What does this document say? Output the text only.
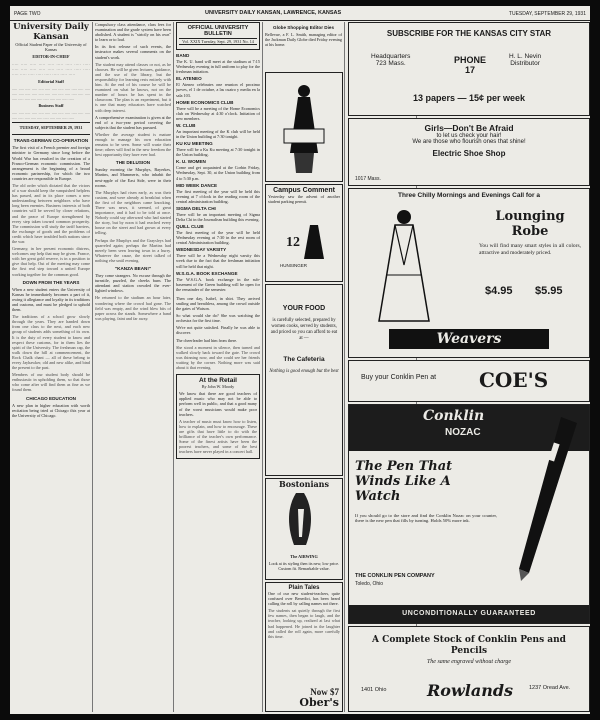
PAGE TWO	UNIVERSITY DAILY KANSAN, LAWRENCE, KANSAS	TUESDAY, SEPTEMBER 29, 1931
University Daily Kansan
Official Student Paper of the University of Kansas
EDITOR-IN-CHIEF
..... ..... ..... ..... ..... ..... ..... ..... ..... ..... ..... ..... ..... ..... ..... ..... ..... ..... ..... ..... ..... ..... ..... ..... ..... .....
Editorial Staff
..... ..... ..... ..... ..... ..... ..... ..... ..... ..... ..... ..... ..... ..... ..... ..... ..... ..... ..... ..... ..... ..... ..... ..... ..... ..... ..... ..... ..... ..... ..... ..... ..... .....
Business Staff
..... ..... ..... ..... ..... ..... ..... ..... ..... ..... ..... ..... ..... ..... ..... ..... ..... ..... ..... ..... ..... .....
TUESDAY, SEPTEMBER 29, 1931
TRANS-GERMAN CO-OPERATION

The first visit of a French premier and foreign minister to Germany since long before the World War has resulted in the creation of a Franco-German economic commission. The arrangement is the beginning of a broad economic partnership, for which the two countries are responsible in Europe.

The old order which dictated that the victors of a war should keep the vanquished helpless has passed, and in its place comes a new understanding between neighbors who have long been enemies. Business interests of both countries will be served by closer relations, and the peace of Europe strengthened by every step taken toward common prosperity. The commission will study the tariff barriers, the exchange of goods and the problems of credit which have troubled both nations since the war.

Germany, in her present economic distress, welcomes any help that may be given. France, with her great gold reserve, is in a position to give that help. Out of the meeting may come the first real step toward a united Europe working together for the common good.

DOWN FROM THE YEARS

When a new student enters the University of Kansas he immediately becomes a part of it, owing it allegiance and loyalty in its traditions and customs, and must be pledged to uphold them.

The traditions of a school grow slowly through the years. They are handed down from one class to the next, and each new group of students adds something of its own. It is the duty of every student to know and respect these customs, for in them lies the spirit of the University. The freshman cap, the walk down the hill at commencement, the Rock Chalk chant — all of these belong to every Jayhawker, old and new alike, and bind the present to the past.

Members of our student body should be enthusiastic in upholding them, so that those who come after will find them as fine as we found them.

CHICAGO EDUCATION

A new plan in higher education with worth recitation being tried at Chicago this year at the University of Chicago.

Compulsory class attendance, class fees for examination and the grade system have been abolished. A student is "strictly on his own" to learn or to loaf.

In its first release of such events, the instructor makes several comments on the student's work.

The student may attend classes or not, as he chooses. He will be given lectures, guidance, and the use of the library, but the responsibility for learning rests entirely with him. At the end of his course he will be examined on what he knows, not on the number of hours he has spent in the classroom. The plan is an experiment, but it is one that many educators have watched with deep interest.

A comprehensive examination is given at the end of a two-year period covering the subjects that the student has pursued.

Whether the average student is mature enough to manage his own education remains to be seen. Some will waste their time; others will find in the new freedom the best opportunity they have ever had.

THE DELUSION

Sunday morning the Murphys, Bayerkes, Martins, and Mummerts, who inhabit the next-apple of the East Side, were in their rooms.

The Murphys had risen early, as was their custom, and were already at breakfast when the first of the neighbors came knocking. There was news, it seemed, of great importance, and it had to be told at once. Nobody could say afterward who had started the story, but by noon it had reached every house on the street and had grown at every telling.

Perhaps the Murphys and the Graysleys had quarreled again; perhaps the Martins had merely been seen leaving town in a hurry. Whatever the cause, the street talked of nothing else until evening.

"KANZA BEAN!"

They come strangers. No excuse through the turnstile, puzzled, the cheeks burn. The attendant and station crowded the ever-lighted windows.

He returned to the stadium an hour later, wondering where the crowd had gone. The field was empty, and the wind blew bits of paper across the stands. Somewhere a band was playing, faint and far away.

OFFICIAL UNIVERSITY BULLETIN
Vol. XXIX Tuesday, Sept. 29, 1931 No. 14
BAND

The K. U. band will meet at the stadium at 7:15 Wednesday evening in full uniform to play for the freshman initiation.

EL ATENEO

El Ateneo celebrates one reunion el proximo jueves, el 1 de octubre, a las cuatro y media en la sala 103.

HOME ECONOMICS CLUB

There will be a meeting of the Home Economics club on Wednesday at 4:30 o'clock. Initiation of new members.

W. CLUB

An important meeting of the K club will be held in the Union building at 7:30 tonight.

KU KU MEETING

There will be a Ku Ku meeting at 7:30 tonight in the Union building.

K. U. WOMEN

Come and get acquainted at the Corbin Friday, Wednesday, Sept. 30, at the Union building from 4 to 5:30 p.m.

MID WEEK DANCE

The first meeting of the year will be held this evening at 7 o'clock in the reading room of the central administration building.

SIGMA DELTA CHI

There will be an important meeting of Sigma Delta Chi in the Journalism building this evening.

QUILL CLUB

The first meeting of the year will be held Wednesday evening at 7:30 in the rest room of central Administration building.

WEDNESDAY VARSITY

There will be a Wednesday night varsity this week due to the fact that the freshman initiation will be held that night.

W.S.G.A. BOOK EXCHANGE

The W.S.G.A. book exchange in the sub-basement of the Green building will be open for the remainder of the semester.

Then one day, Isabel, in shirt. They arrived smiling and breathless, among the crowd outside the gates of Watson.

So what would she do? She was watching the orchestra for the first time.

We're not quite satisfied. Finally he was able to discover.

The cheerleader had him from there.

She stood a moment in silence, then turned and walked slowly back toward the gate. The crowd was thinning now, and she could see her friends waiting by the corner. Nothing more was said about it that evening.

At the Retail
By John W. Moody

We know that there are good teachers of applied music who may not be able to perform well in public, and that a good many of the worst musicians would make poor teachers.

A teacher of music must know how to listen, how to explain, and how to encourage. These are gifts that have little to do with the brilliance of the teacher's own performance. Some of the finest artists have been the poorest teachers, and some of the best teachers have never played in a concert hall.

Globe Shopping Editor Dies

Bellevue, a F. L. Smith, managing editor of the Jackman Daily Globe died Friday evening at his home.

Campus Comment

Yesterday saw the advent of another student parking permit.

12
HUNSINGER
YOUR FOOD

is carefully selected, prepared by women cooks, served by students, and priced so you can afford to eat at —

The Cafeteria
Nothing is good enough but the best
Bostonians
The AIRWING
Look at its styling then its new, low price. Custom fit. Remarkable value.
Plain Tales

One of our new student-teachers, quite confused over Benedict, has been heard calling the roll by calling names not there.

The students sat quietly through the first few names, then began to laugh, and the teacher, looking up, realized at last what had happened. He joined in the laughter and called the roll again, more carefully this time.

Now $7
Ober's
SUBSCRIBE FOR THE KANSAS CITY STAR
Headquarters
723 Mass.	PHONE 17
H. L. Nevin
Distributor
13 papers — 15¢ per week
Girls—Don't Be Afraid
to let us check your hair!
We are those who flourish ones that shine!
Electric Shoe Shop
1017 Mass.
Three Chilly Mornings and Evenings Call for a
Lounging Robe

You will find many smart styles in all colors, attractive and moderately priced.

$4.95 $5.95
Weavers
Buy your Conklin Pen at COE'S
Conklin
NOZAC
The Pen That Winds Like A Watch

If you should go to the store and find the Conklin Nozac on your counter, there is the new pen that fills by turning. Holds 50% more ink.

THE CONKLIN PEN COMPANY
Toledo, Ohio
UNCONDITIONALLY GUARANTEED
A Complete Stock of Conklin Pens and Pencils
The same engraved without charge
1401 Ohio	Rowlands	1237 Oread Ave.
